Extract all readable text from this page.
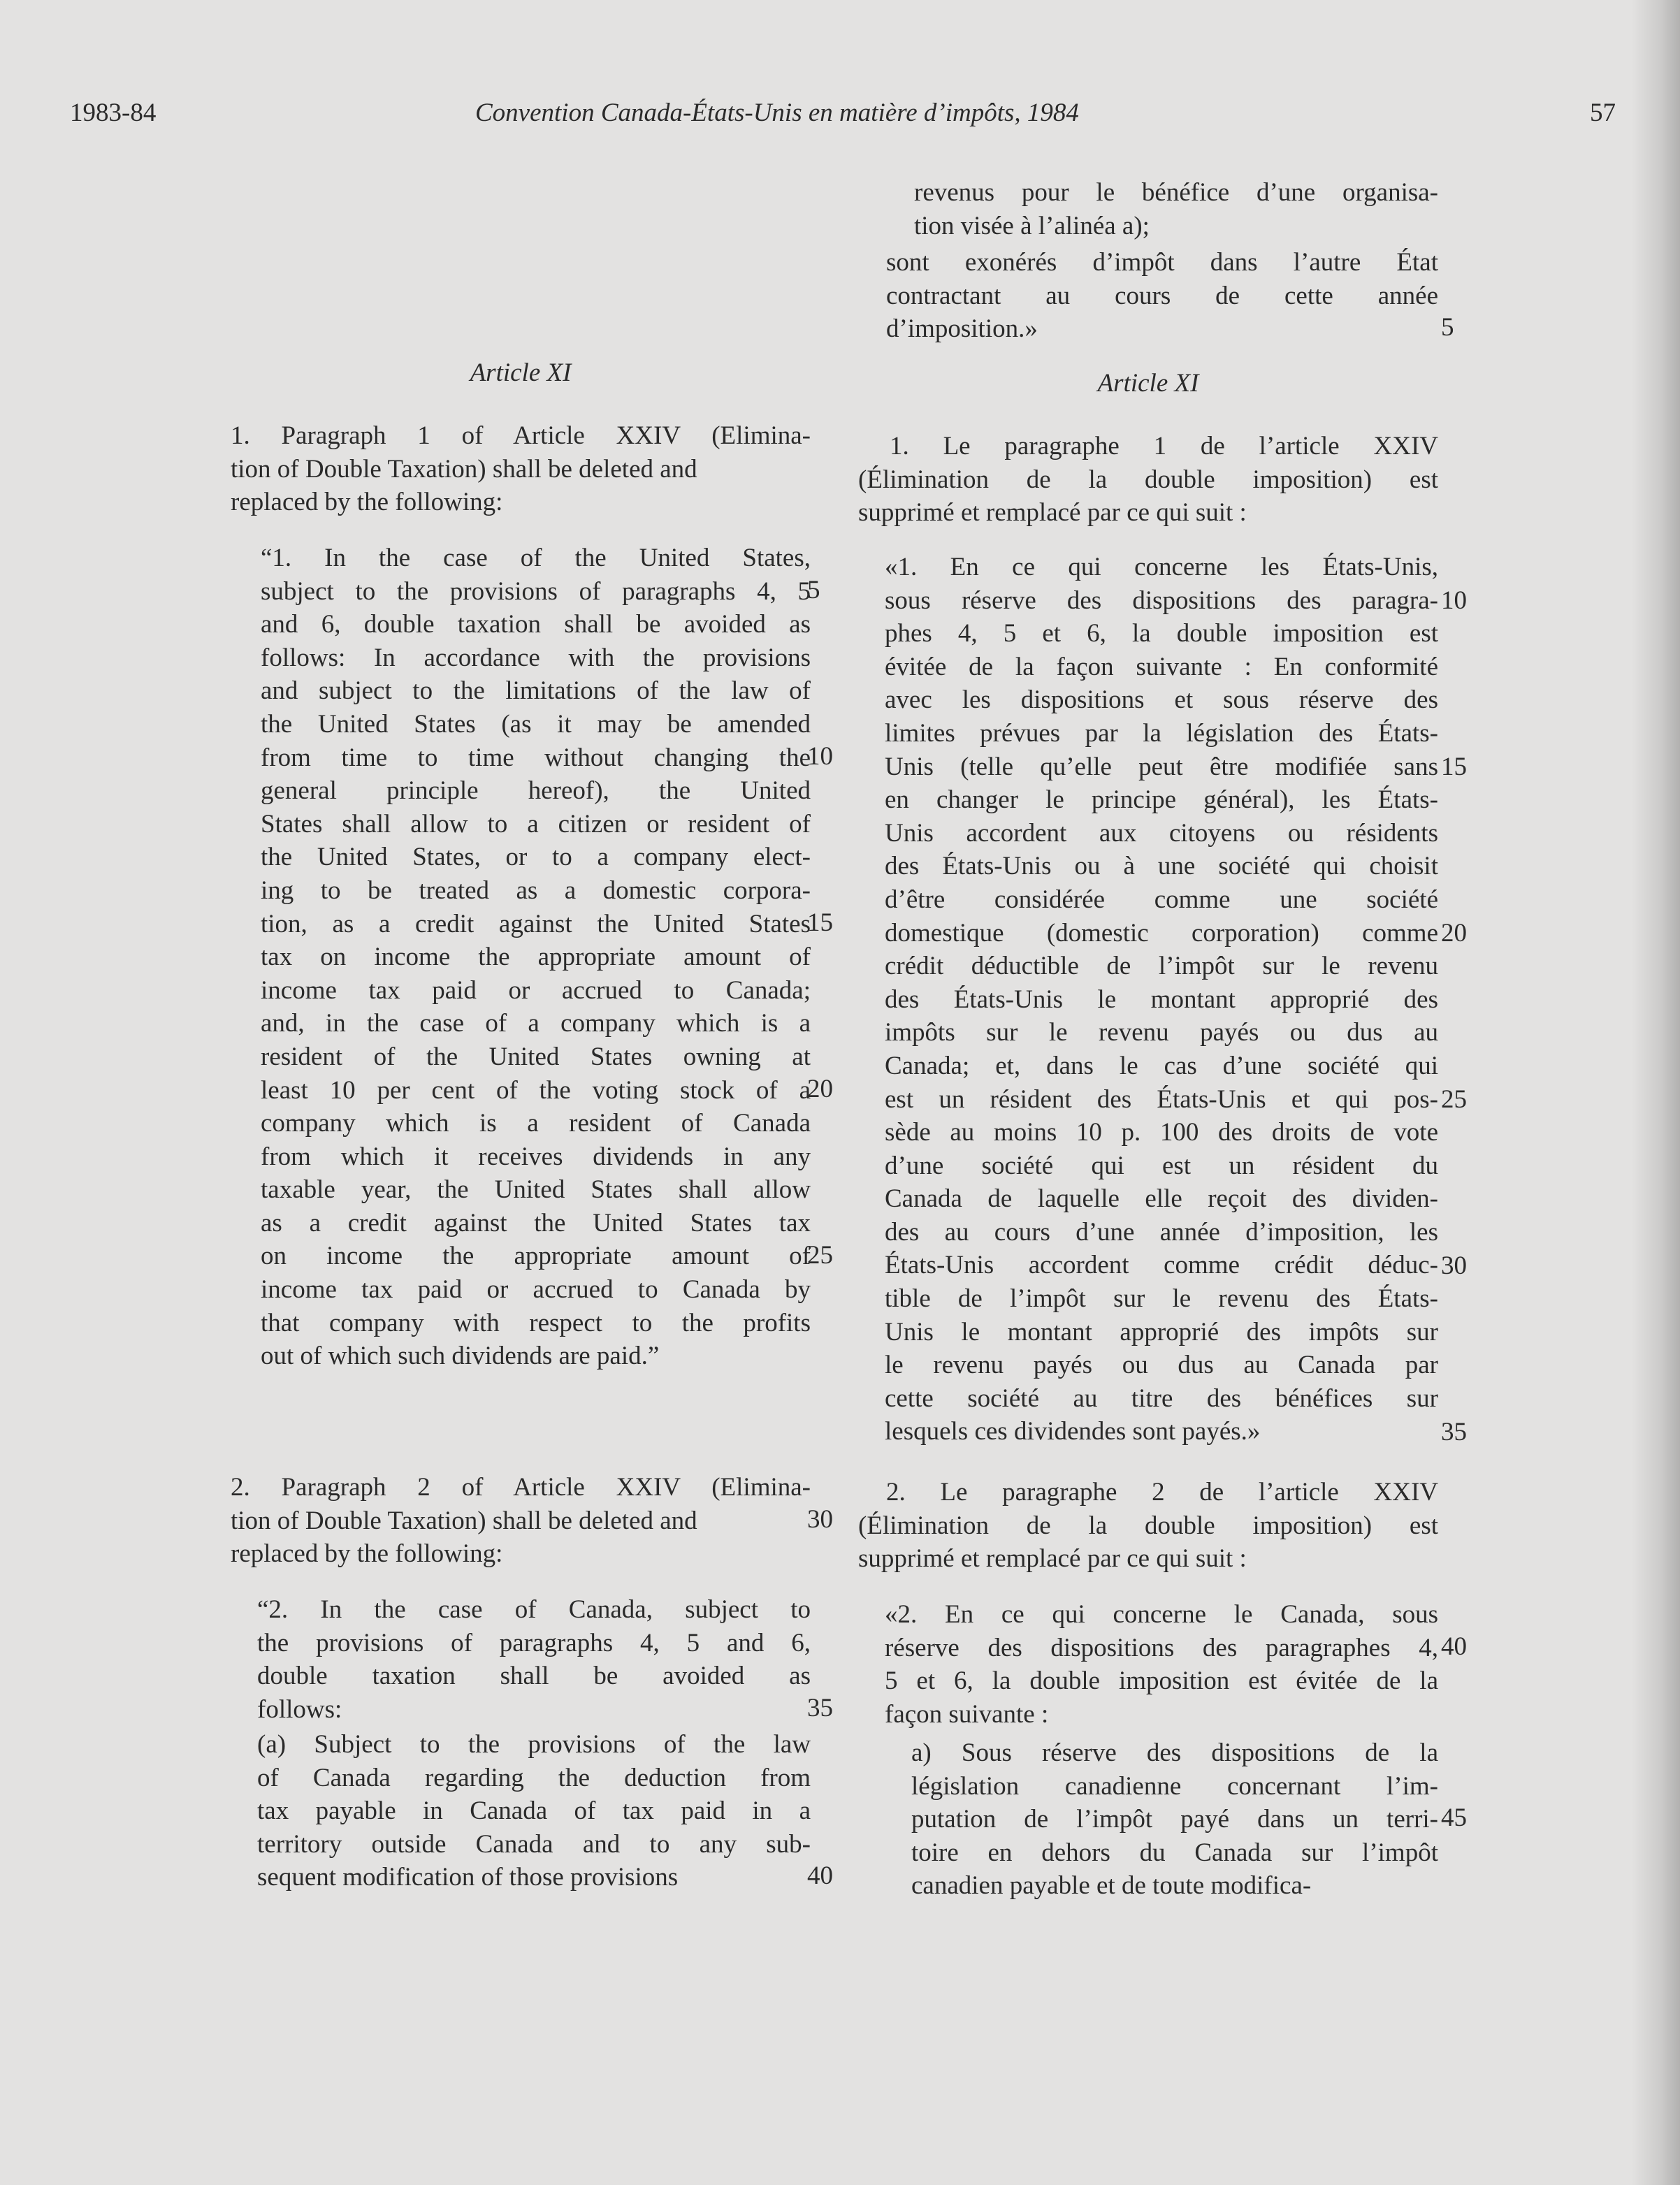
1983-84	Convention Canada-États-Unis en matière d’impôts, 1984	57
Article XI
1. Paragraph 1 of Article XXIV (Elimina-
tion of Double Taxation) shall be deleted and
replaced by the following:
“1. In the case of the United States,
subject to the provisions of paragraphs 4, 5
and 6, double taxation shall be avoided as
follows: In accordance with the provisions
and subject to the limitations of the law of
the United States (as it may be amended
from time to time without changing the
general principle hereof), the United
States shall allow to a citizen or resident of
the United States, or to a company elect-
ing to be treated as a domestic corpora-
tion, as a credit against the United States
tax on income the appropriate amount of
income tax paid or accrued to Canada;
and, in the case of a company which is a
resident of the United States owning at
least 10 per cent of the voting stock of a
company which is a resident of Canada
from which it receives dividends in any
taxable year, the United States shall allow
as a credit against the United States tax
on income the appropriate amount of
income tax paid or accrued to Canada by
that company with respect to the profits
out of which such dividends are paid.”
2. Paragraph 2 of Article XXIV (Elimina-
tion of Double Taxation) shall be deleted and
replaced by the following:
“2. In the case of Canada, subject to
the provisions of paragraphs 4, 5 and 6,
double taxation shall be avoided as
follows:
(a) Subject to the provisions of the law
of Canada regarding the deduction from
tax payable in Canada of tax paid in a
territory outside Canada and to any sub-
sequent modification of those provisions
5
10
15
20
25
30
35
40
revenus pour le bénéfice d’une organisa-
tion visée à l’alinéa a);
sont exonérés d’impôt dans l’autre État
contractant au cours de cette année
d’imposition.»
Article XI
1. Le paragraphe 1 de l’article XXIV
(Élimination de la double imposition) est
supprimé et remplacé par ce qui suit :
«1. En ce qui concerne les États-Unis,
sous réserve des dispositions des paragra-
phes 4, 5 et 6, la double imposition est
évitée de la façon suivante : En conformité
avec les dispositions et sous réserve des
limites prévues par la législation des États-
Unis (telle qu’elle peut être modifiée sans
en changer le principe général), les États-
Unis accordent aux citoyens ou résidents
des États-Unis ou à une société qui choisit
d’être considérée comme une société
domestique (domestic corporation) comme
crédit déductible de l’impôt sur le revenu
des États-Unis le montant approprié des
impôts sur le revenu payés ou dus au
Canada; et, dans le cas d’une société qui
est un résident des États-Unis et qui pos-
sède au moins 10 p. 100 des droits de vote
d’une société qui est un résident du
Canada de laquelle elle reçoit des dividen-
des au cours d’une année d’imposition, les
États-Unis accordent comme crédit déduc-
tible de l’impôt sur le revenu des États-
Unis le montant approprié des impôts sur
le revenu payés ou dus au Canada par
cette société au titre des bénéfices sur
lesquels ces dividendes sont payés.»
2. Le paragraphe 2 de l’article XXIV
(Élimination de la double imposition) est
supprimé et remplacé par ce qui suit :
«2. En ce qui concerne le Canada, sous
réserve des dispositions des paragraphes 4,
5 et 6, la double imposition est évitée de la
façon suivante :
a) Sous réserve des dispositions de la
législation canadienne concernant l’im-
putation de l’impôt payé dans un terri-
toire en dehors du Canada sur l’impôt
canadien payable et de toute modifica-
5
10
15
20
25
30
35
40
45
